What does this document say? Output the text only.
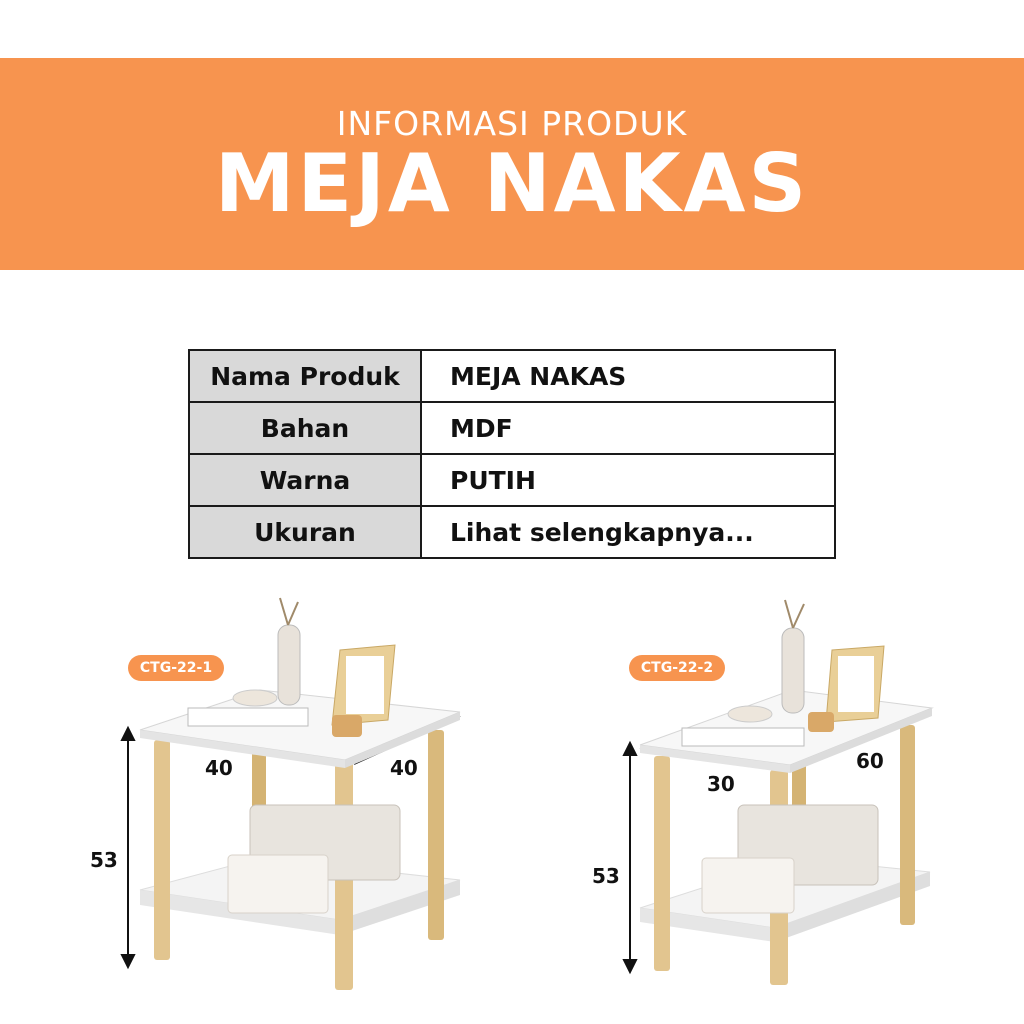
INFORMASI PRODUK
MEJA NAKAS
Nama Produk	MEJA NAKAS
Bahan	MDF
Warna	PUTIH
Ukuran	Lihat selengkapnya...
CTG-22-1
53
40	40
CTG-22-2
53
30
60
